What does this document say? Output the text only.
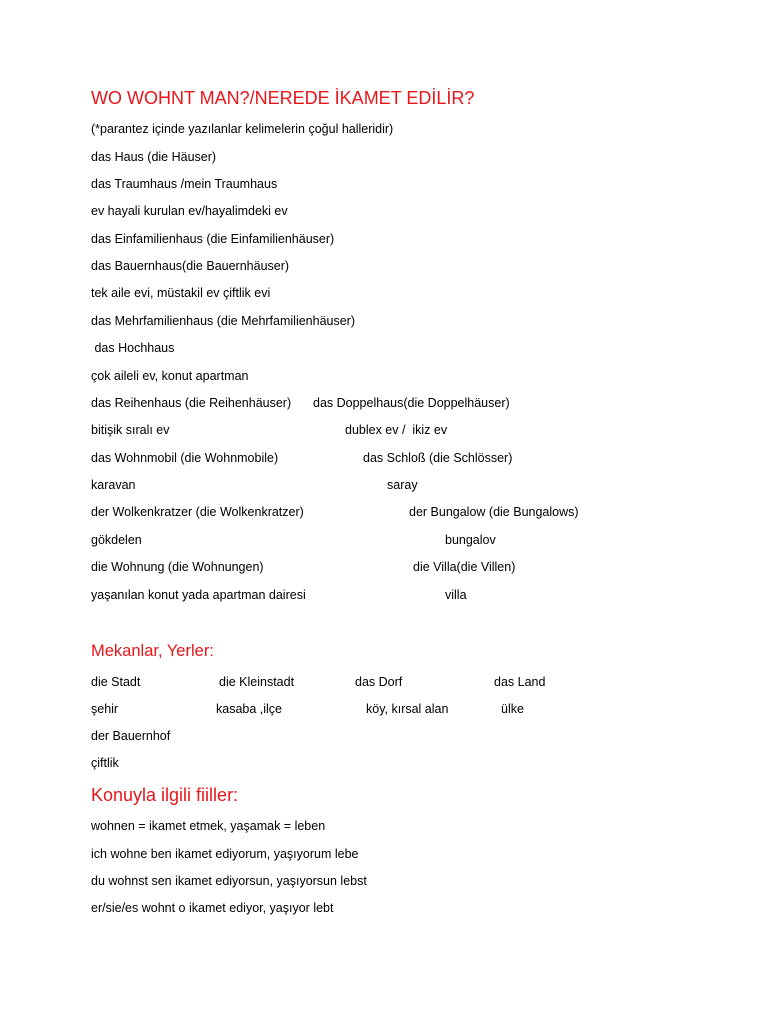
WO WOHNT MAN?/NEREDE İKAMET EDİLİR?
(*parantez içinde yazılanlar kelimelerin çoğul halleridir)
das Haus (die Häuser)
das Traumhaus /mein Traumhaus
ev hayali kurulan ev/hayalimdeki ev
das Einfamilienhaus (die Einfamilienhäuser)
das Bauernhaus(die Bauernhäuser)
tek aile evi, müstakil ev çiftlik evi
das Mehrfamilienhaus (die Mehrfamilienhäuser)
das Hochhaus
çok aileli ev, konut apartman
das Reihenhaus (die Reihenhäuser) das Doppelhaus(die Doppelhäuser)
bitişik sıralı ev	dublex ev /  ikiz ev
das Wohnmobil (die Wohnmobile)	das Schloß (die Schlösser)
karavan	saray
der Wolkenkratzer (die Wolkenkratzer)	der Bungalow (die Bungalows)
gökdelen	bungalov
die Wohnung (die Wohnungen)	die Villa(die Villen)
yaşanılan konut yada apartman dairesi	villa
Mekanlar, Yerler:
die Stadt	die Kleinstadt	das Dorf	das Land
şehir	kasaba ,ilçe	köy, kırsal alan	ülke
der Bauernhof
çiftlik
Konuyla ilgili fiiller:
wohnen = ikamet etmek, yaşamak = leben
ich wohne ben ikamet ediyorum, yaşıyorum lebe
du wohnst sen ikamet ediyorsun, yaşıyorsun lebst
er/sie/es wohnt o ikamet ediyor, yaşıyor lebt
